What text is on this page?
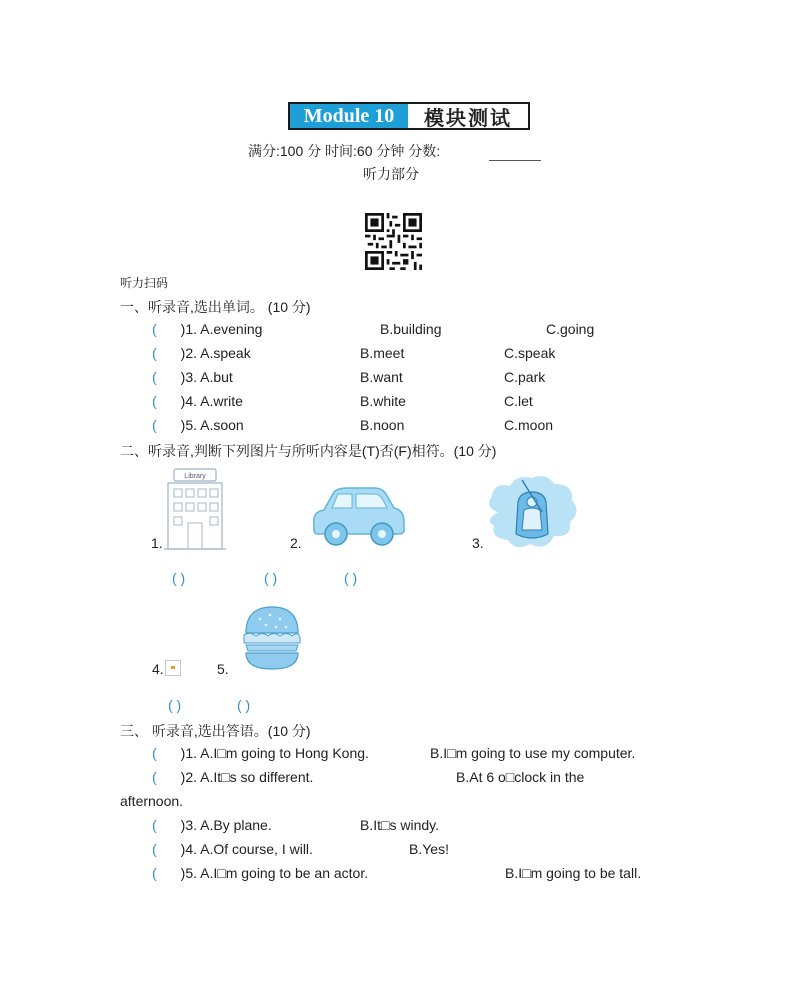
Module 10	模块测试
满分:100 分 时间:60 分钟 分数:
听力部分
听力扫码
一、听录音,选出单词。 (10 分)
( )1. A.evening	B.building	C.going
( )2. A.speak	B.meet	C.speak
( )3. A.but	B.want	C.park
( )4. A.write	B.white	C.let
( )5. A.soon	B.noon	C.moon
二、听录音,判断下列图片与所听内容是(T)否(F)相符。(10 分)
Library
1.	2.	3.
( )	( )	( )
4.	5.
( )	( )
三、 听录音,选出答语。(10 分)
( )1. A.I□m going to Hong Kong.	B.I□m going to use my computer.
( )2. A.It□s so different.	B.At 6 o□clock in the
afternoon.
( )3. A.By plane.	B.It□s windy.
( )4. A.Of course, I will.	B.Yes!
( )5. A.I□m going to be an actor.	B.I□m going to be tall.
